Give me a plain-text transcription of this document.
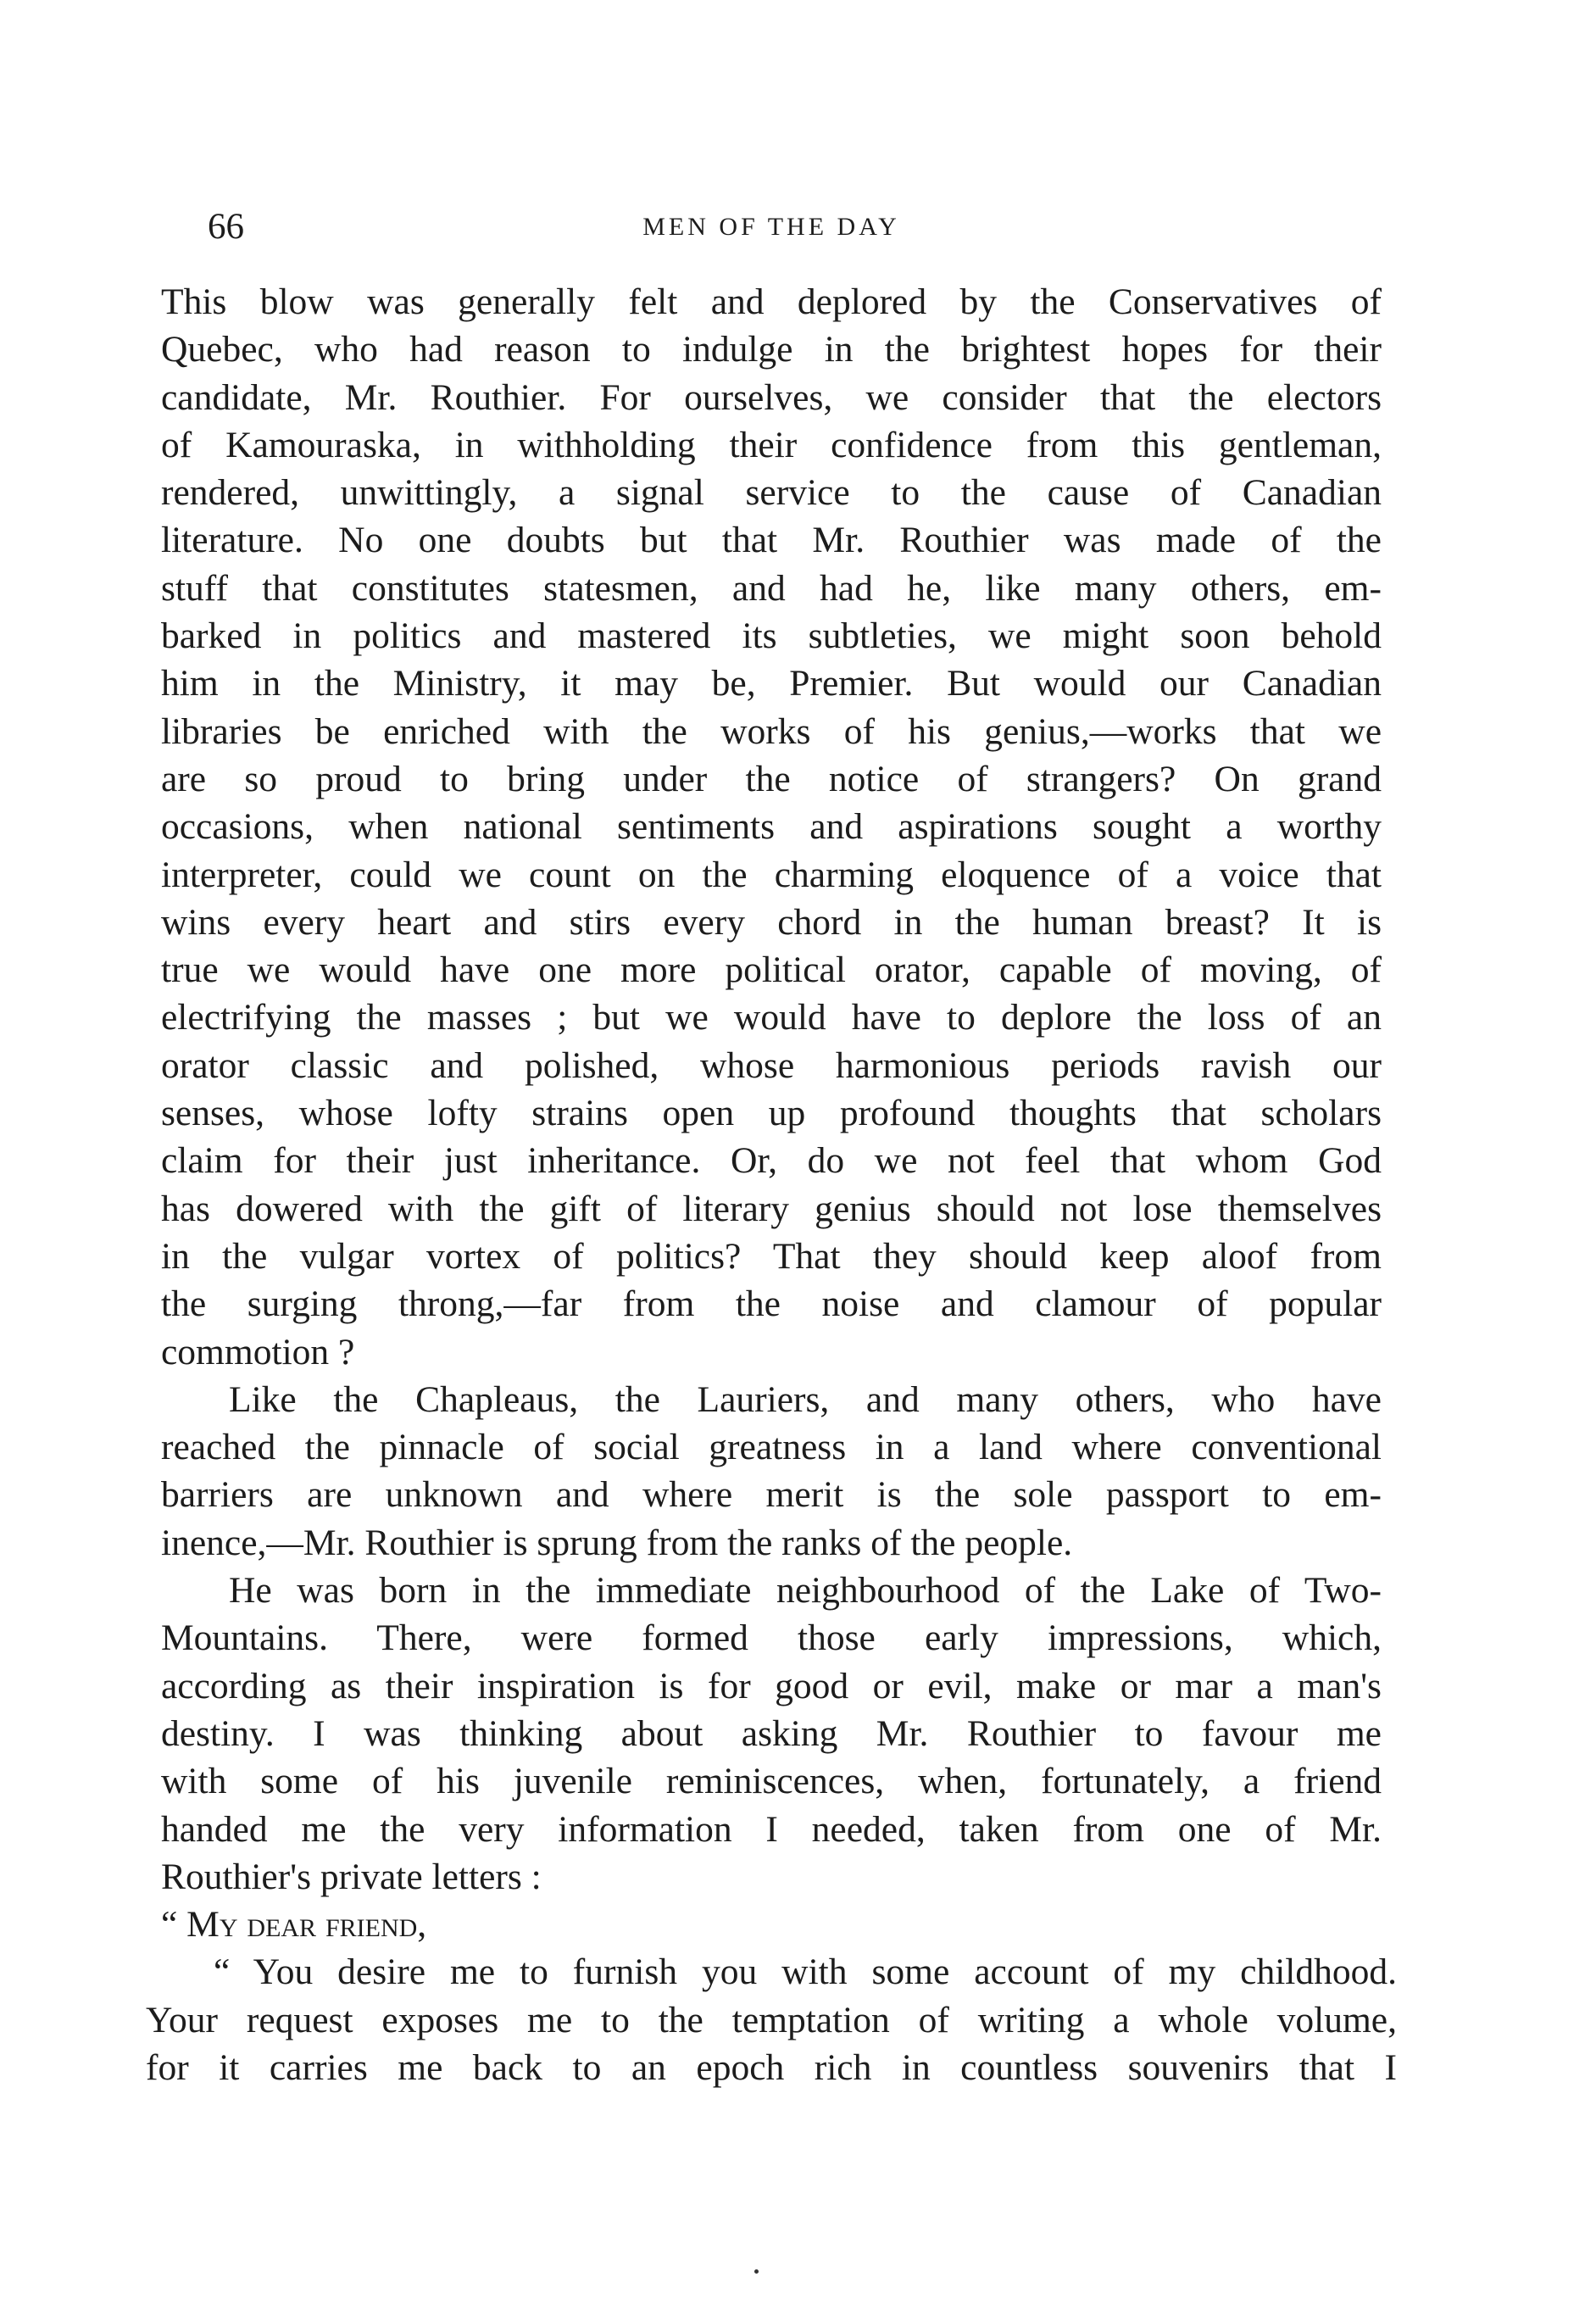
66	MEN OF THE DAY
This blow was generally felt and deplored by the Conservatives of
Quebec, who had reason to indulge in the brightest hopes for their
candidate, Mr. Routhier. For ourselves, we consider that the electors
of Kamouraska, in withholding their confidence from this gentleman,
rendered, unwittingly, a signal service to the cause of Canadian
literature. No one doubts but that Mr. Routhier was made of the
stuff that constitutes statesmen, and had he, like many others, em-
barked in politics and mastered its subtleties, we might soon behold
him in the Ministry, it may be, Premier. But would our Canadian
libraries be enriched with the works of his genius,—works that we
are so proud to bring under the notice of strangers? On grand
occasions, when national sentiments and aspirations sought a worthy
interpreter, could we count on the charming eloquence of a voice that
wins every heart and stirs every chord in the human breast? It is
true we would have one more political orator, capable of moving, of
electrifying the masses ; but we would have to deplore the loss of an
orator classic and polished, whose harmonious periods ravish our
senses, whose lofty strains open up profound thoughts that scholars
claim for their just inheritance. Or, do we not feel that whom God
has dowered with the gift of literary genius should not lose themselves
in the vulgar vortex of politics? That they should keep aloof from
the surging throng,—far from the noise and clamour of popular
commotion ?
Like the Chapleaus, the Lauriers, and many others, who have
reached the pinnacle of social greatness in a land where conventional
barriers are unknown and where merit is the sole passport to em-
inence,—Mr. Routhier is sprung from the ranks of the people.
He was born in the immediate neighbourhood of the Lake of Two-
Mountains. There, were formed those early impressions, which,
according as their inspiration is for good or evil, make or mar a man's
destiny. I was thinking about asking Mr. Routhier to favour me
with some of his juvenile reminiscences, when, fortunately, a friend
handed me the very information I needed, taken from one of Mr.
Routhier's private letters :
“ My dear friend,
“ You desire me to furnish you with some account of my childhood.
Your request exposes me to the temptation of writing a whole volume,
for it carries me back to an epoch rich in countless souvenirs that I
